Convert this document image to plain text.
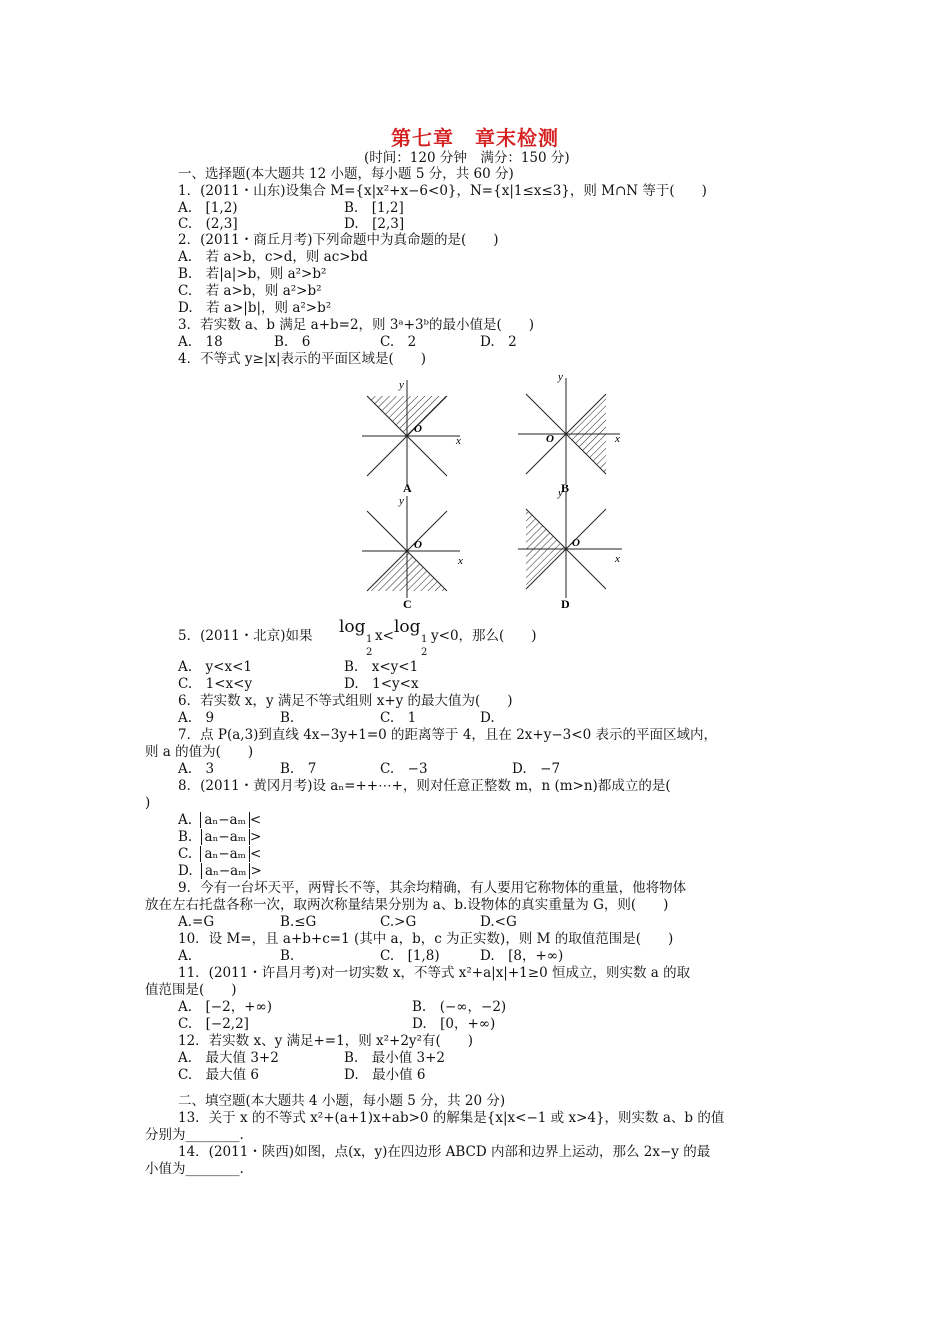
第七章　章末检测
(时间：120 分钟　满分：150 分)
一、选择题(本大题共 12 小题，每小题 5 分，共 60 分)
1．(2011・山东)设集合 M={x|x²+x−6<0}，N={x|1≤x≤3}，则 M∩N 等于(　　)
A.　[1,2)	B.　[1,2]
C.　(2,3]	D.　[2,3]
2．(2011・商丘月考)下列命题中为真命题的是(　　)
A.　若 a>b，c>d，则 ac>bd
B.　若|a|>b，则 a²>b²
C.　若 a>b，则 a²>b²
D.　若 a>|b|，则 a²>b²
3．若实数 a、b 满足 a+b=2，则 3ᵃ+3ᵇ的最小值是(　　)
A.　18	B.　6	C.　2	D.　2
4．不等式 y≥|x|表示的平面区域是(　　)
x
y
O
A
x
y
O
B
x
y
O
C
x
y
O
D
5．(2011・北京)如果 log
1
2
x< log
1
2
y<0，那么(　　)
A.　y<x<1	B.　x<y<1
C.　1<x<y	D.　1<y<x
6．若实数 x，y 满足不等式组则 x+y 的最大值为(　　)
A.　9	B.	C.　1	D.
7．点 P(a,3)到直线 4x−3y+1=0 的距离等于 4，且在 2x+y−3<0 表示的平面区域内，
则 a 的值为(　　)
A.　3	B.　7	C.　−3	D.　−7
8．(2011・黄冈月考)设 aₙ=++⋯+，则对任意正整数 m，n (m>n)都成立的是(
)
A. aₙ−aₘ <
B. aₙ−aₘ >
C. aₙ−aₘ <
D. aₙ−aₘ >
9．今有一台坏天平，两臂长不等，其余均精确，有人要用它称物体的重量，他将物体
放在左右托盘各称一次，取两次称量结果分别为 a、b.设物体的真实重量为 G，则(　　)
A.=G	B.≤G	C.>G	D.<G
10．设 M=，且 a+b+c=1 (其中 a，b，c 为正实数)，则 M 的取值范围是(　　)
A.	B.	C.　[1,8)	D.　[8，+∞)
11．(2011・许昌月考)对一切实数 x，不等式 x²+a|x|+1≥0 恒成立，则实数 a 的取
值范围是(　　)
A.　[−2，+∞)	B.　(−∞，−2)
C.　[−2,2]	D.　[0，+∞)
12．若实数 x、y 满足+=1，则 x²+2y²有(　　)
A.　最大值 3+2	B.　最小值 3+2
C.　最大值 6	D.　最小值 6
二、填空题(本大题共 4 小题，每小题 5 分，共 20 分)
13．关于 x 的不等式 x²+(a+1)x+ab>0 的解集是{x|x<−1 或 x>4}，则实数 a、b 的值
分别为________.
14．(2011・陕西)如图，点(x，y)在四边形 ABCD 内部和边界上运动，那么 2x−y 的最
小值为________.
